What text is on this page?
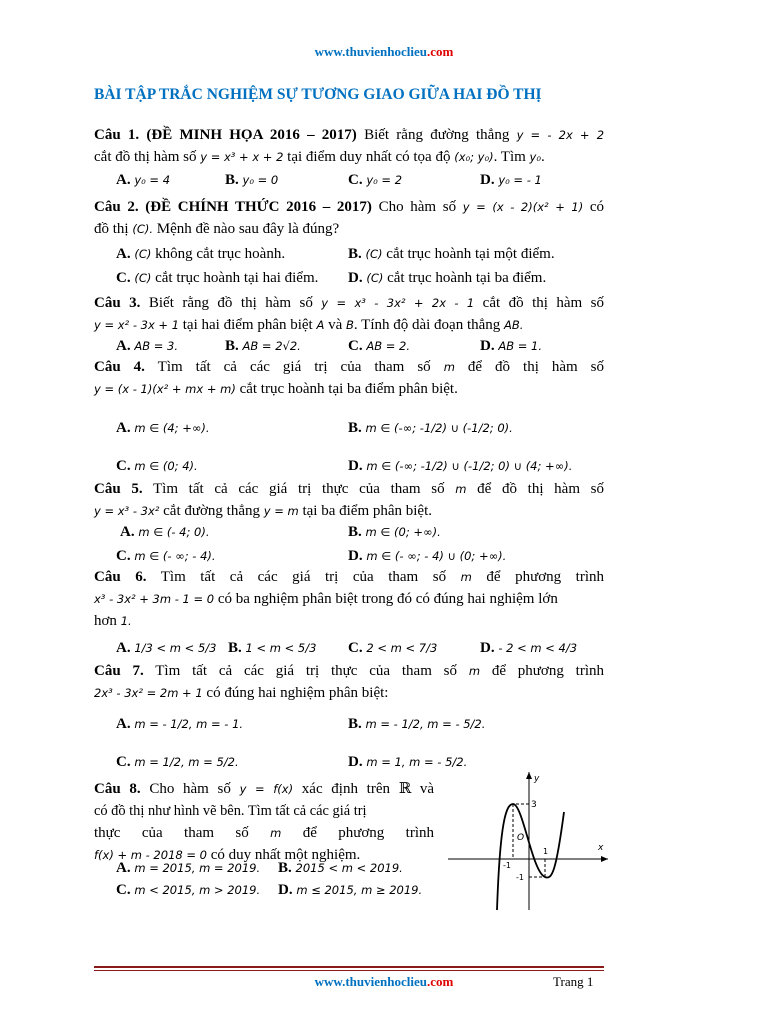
www.thuvienhoclieu.com
BÀI TẬP TRẮC NGHIỆM SỰ TƯƠNG GIAO GIỮA HAI ĐỒ THỊ
Câu 1. (ĐỀ MINH HỌA 2016 – 2017) Biết rằng đường thẳng y = - 2x + 2
cắt đồ thị hàm số y = x³ + x + 2 tại điểm duy nhất có tọa độ (x₀; y₀). Tìm y₀.
A. y₀ = 4	B. y₀ = 0	C. y₀ = 2	D. y₀ = - 1
Câu 2. (ĐỀ CHÍNH THỨC 2016 – 2017) Cho hàm số y = (x - 2)(x² + 1) có
đồ thị (C). Mệnh đề nào sau đây là đúng?
A. (C) không cắt trục hoành.	B. (C) cắt trục hoành tại một điểm.
C. (C) cắt trục hoành tại hai điểm. D. (C) cắt trục hoành tại ba điểm.
Câu 3. Biết rằng đồ thị hàm số y = x³ - 3x² + 2x - 1 cắt đồ thị hàm số
y = x² - 3x + 1 tại hai điểm phân biệt A và B. Tính độ dài đoạn thẳng AB.
A. AB = 3.	B. AB = 2√2.	C. AB = 2.	D. AB = 1.
Câu 4. Tìm tất cả các giá trị của tham số m để đồ thị hàm số
y = (x - 1)(x² + mx + m) cắt trục hoành tại ba điểm phân biệt.
A. m ∈ (4; +∞).	B. m ∈ (-∞; -1/2) ∪ (-1/2; 0).
C. m ∈ (0; 4).	D. m ∈ (-∞; -1/2) ∪ (-1/2; 0) ∪ (4; +∞).
Câu 5. Tìm tất cả các giá trị thực của tham số m để đồ thị hàm số
y = x³ - 3x² cắt đường thẳng y = m tại ba điểm phân biệt.
A. m ∈ (- 4; 0).	B. m ∈ (0; +∞).
C. m ∈ (- ∞; - 4).	D. m ∈ (- ∞; - 4) ∪ (0; +∞).
Câu 6. Tìm tất cả các giá trị của tham số m để phương trình
x³ - 3x² + 3m - 1 = 0 có ba nghiệm phân biệt trong đó có đúng hai nghiệm lớn
hơn 1.
A. 1/3 < m < 5/3 B. 1 < m < 5/3 C. 2 < m < 7/3	D. - 2 < m < 4/3
Câu 7. Tìm tất cả các giá trị thực của tham số m để phương trình
2x³ - 3x² = 2m + 1 có đúng hai nghiệm phân biệt:
A. m = - 1/2, m = - 1.	B. m = - 1/2, m = - 5/2.
C. m = 1/2, m = 5/2.	D. m = 1, m = - 5/2.
Câu 8. Cho hàm số y = f(x) xác định trên ℝ và
có đồ thị như hình vẽ bên. Tìm tất cả các giá trị
thực của tham số m để phương trình
f(x) + m - 2018 = 0 có duy nhất một nghiệm.
A. m = 2015, m = 2019. B. 2015 < m < 2019.
C. m < 2015, m > 2019. D. m ≤ 2015, m ≥ 2019.
y
x
O
3
-1
1
-1
www.thuvienhoclieu.com	Trang 1
